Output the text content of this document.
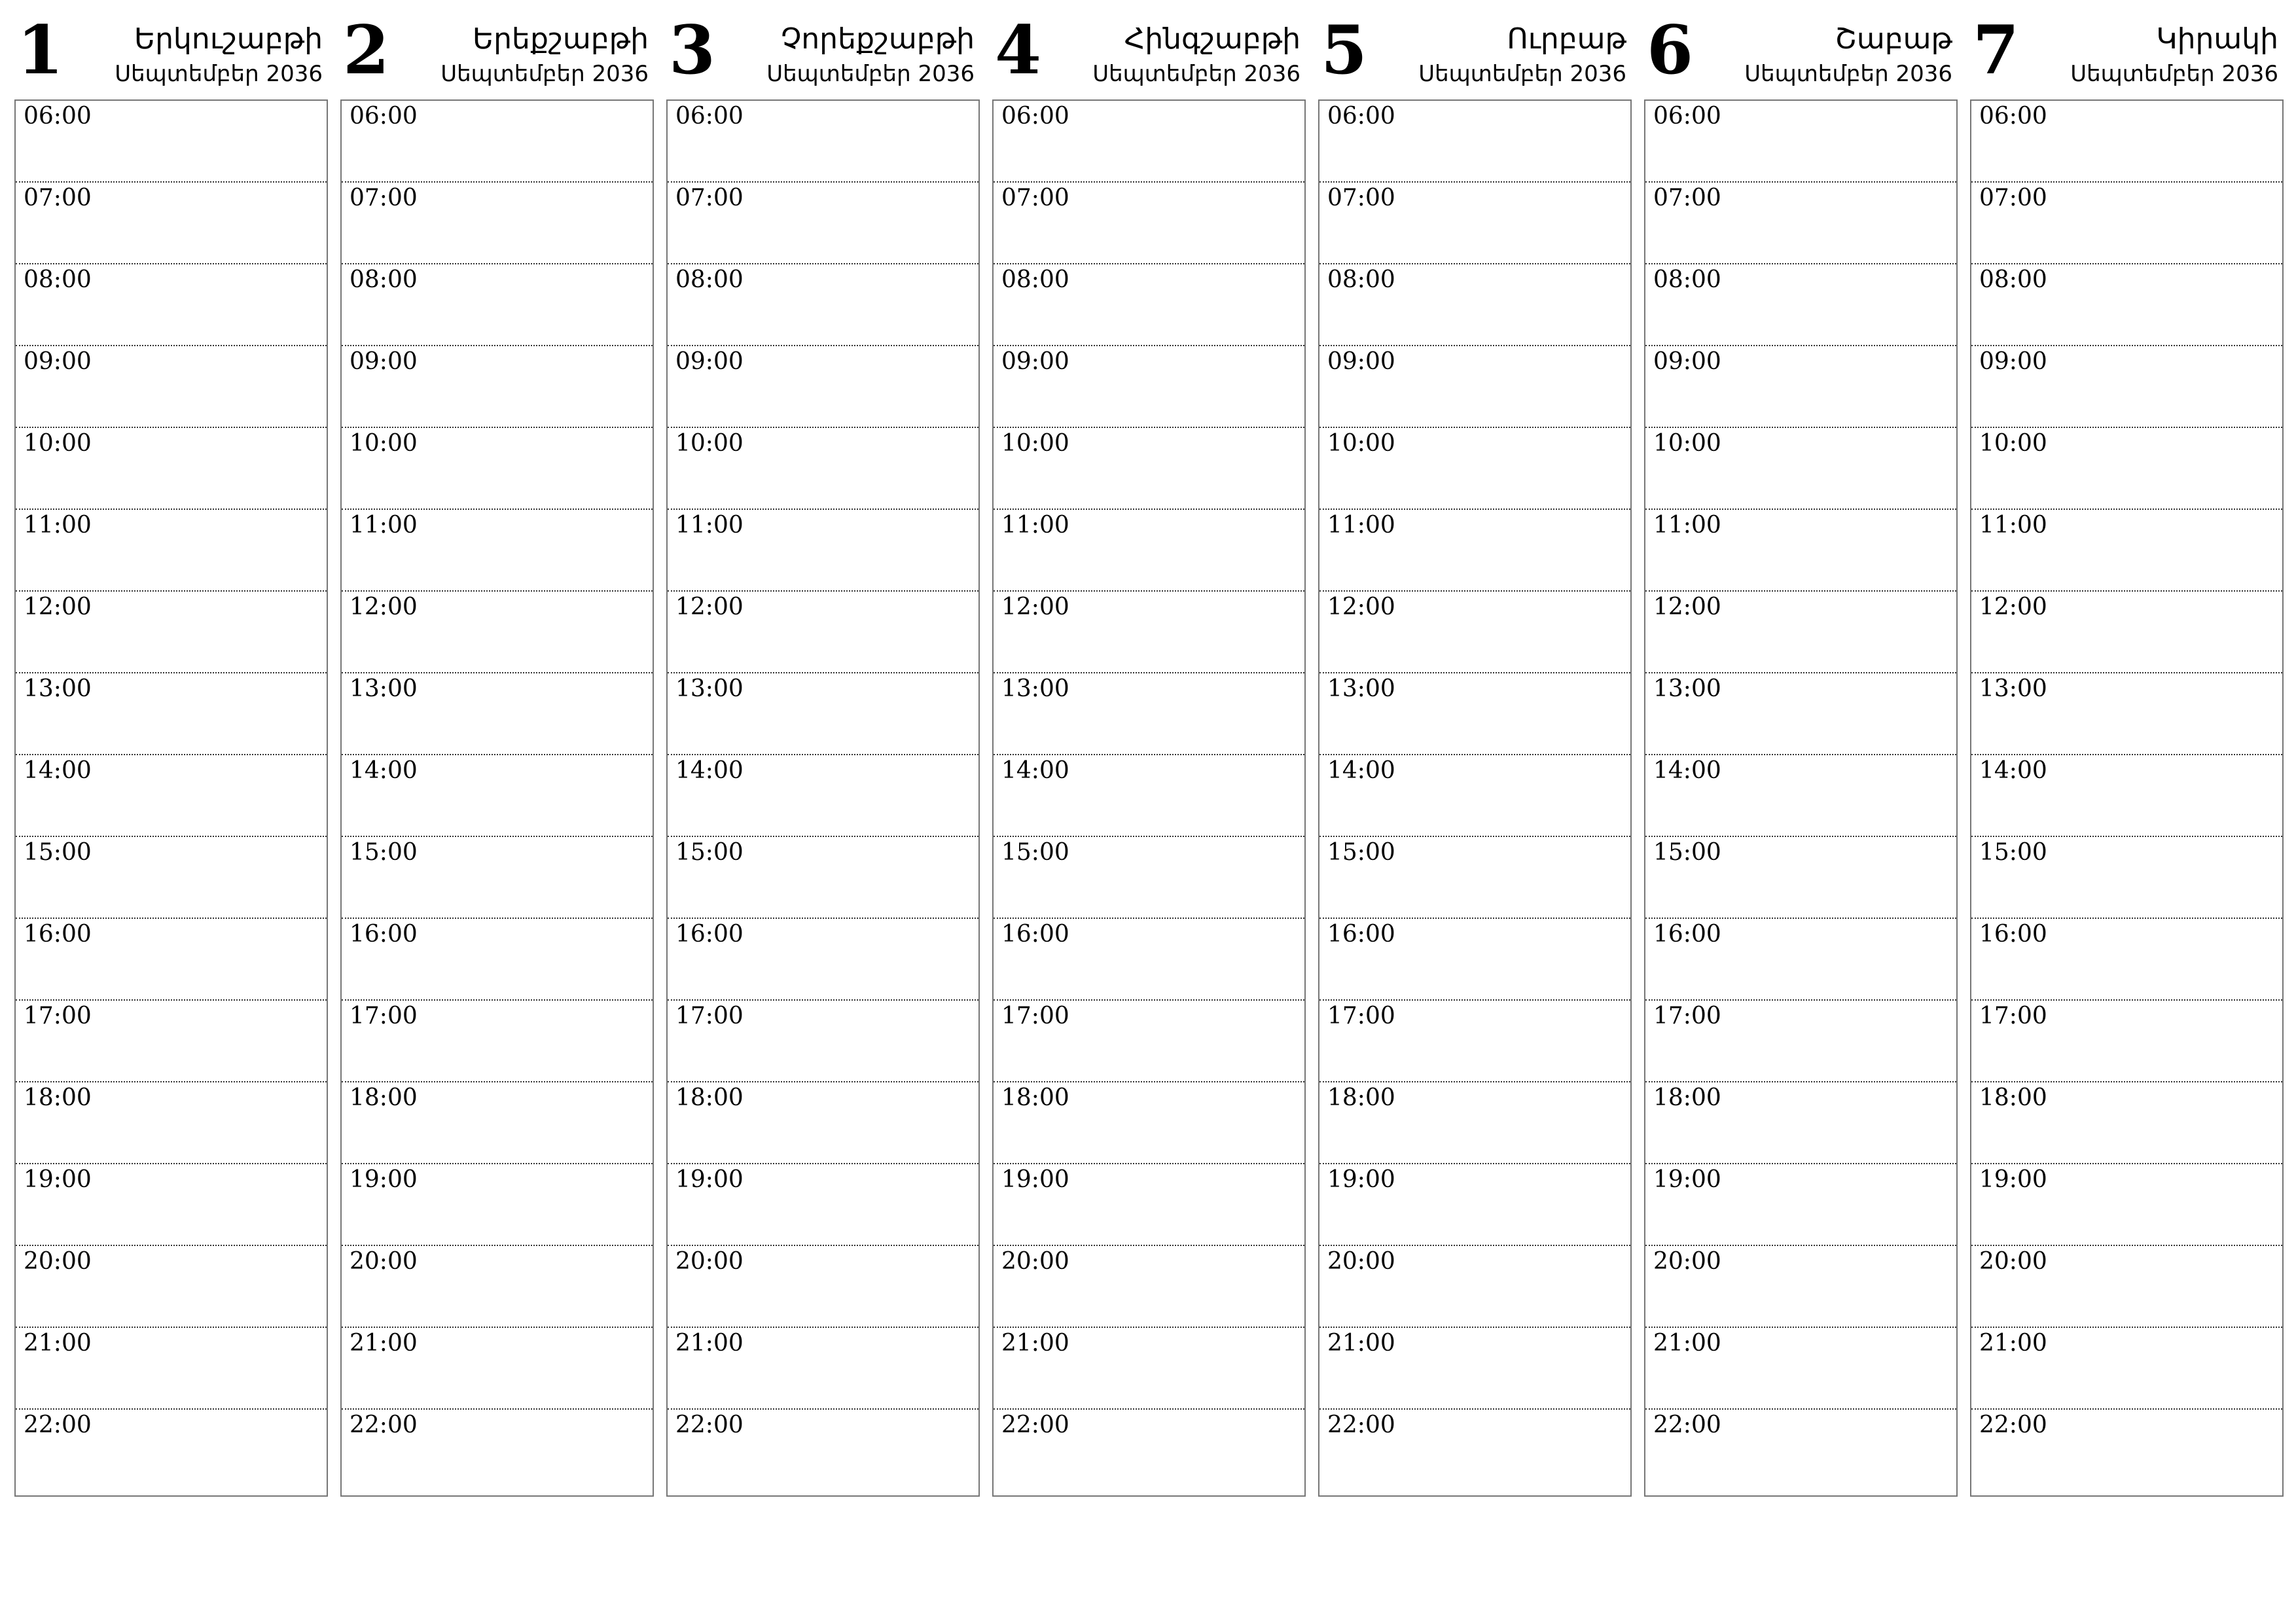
1 Երկուշաբթի
Սեպտեմբեր 2036
06:00
07:00
08:00
09:00
10:00
11:00
12:00
13:00
14:00
15:00
16:00
17:00
18:00
19:00
20:00
21:00
22:00
2	Երեքշաբթի
Սեպտեմբեր 2036
06:00
07:00
08:00
09:00
10:00
11:00
12:00
13:00
14:00
15:00
16:00
17:00
18:00
19:00
20:00
21:00
22:00
3 Չորեքշաբթի
Սեպտեմբեր 2036
06:00
07:00
08:00
09:00
10:00
11:00
12:00
13:00
14:00
15:00
16:00
17:00
18:00
19:00
20:00
21:00
22:00
4	Հինգշաբթի
Սեպտեմբեր 2036
06:00
07:00
08:00
09:00
10:00
11:00
12:00
13:00
14:00
15:00
16:00
17:00
18:00
19:00
20:00
21:00
22:00
5	Ուրբաթ
Սեպտեմբեր 2036
06:00
07:00
08:00
09:00
10:00
11:00
12:00
13:00
14:00
15:00
16:00
17:00
18:00
19:00
20:00
21:00
22:00
6	Շաբաթ
Սեպտեմբեր 2036
06:00
07:00
08:00
09:00
10:00
11:00
12:00
13:00
14:00
15:00
16:00
17:00
18:00
19:00
20:00
21:00
22:00
7	Կիրակի
Սեպտեմբեր 2036
06:00
07:00
08:00
09:00
10:00
11:00
12:00
13:00
14:00
15:00
16:00
17:00
18:00
19:00
20:00
21:00
22:00
